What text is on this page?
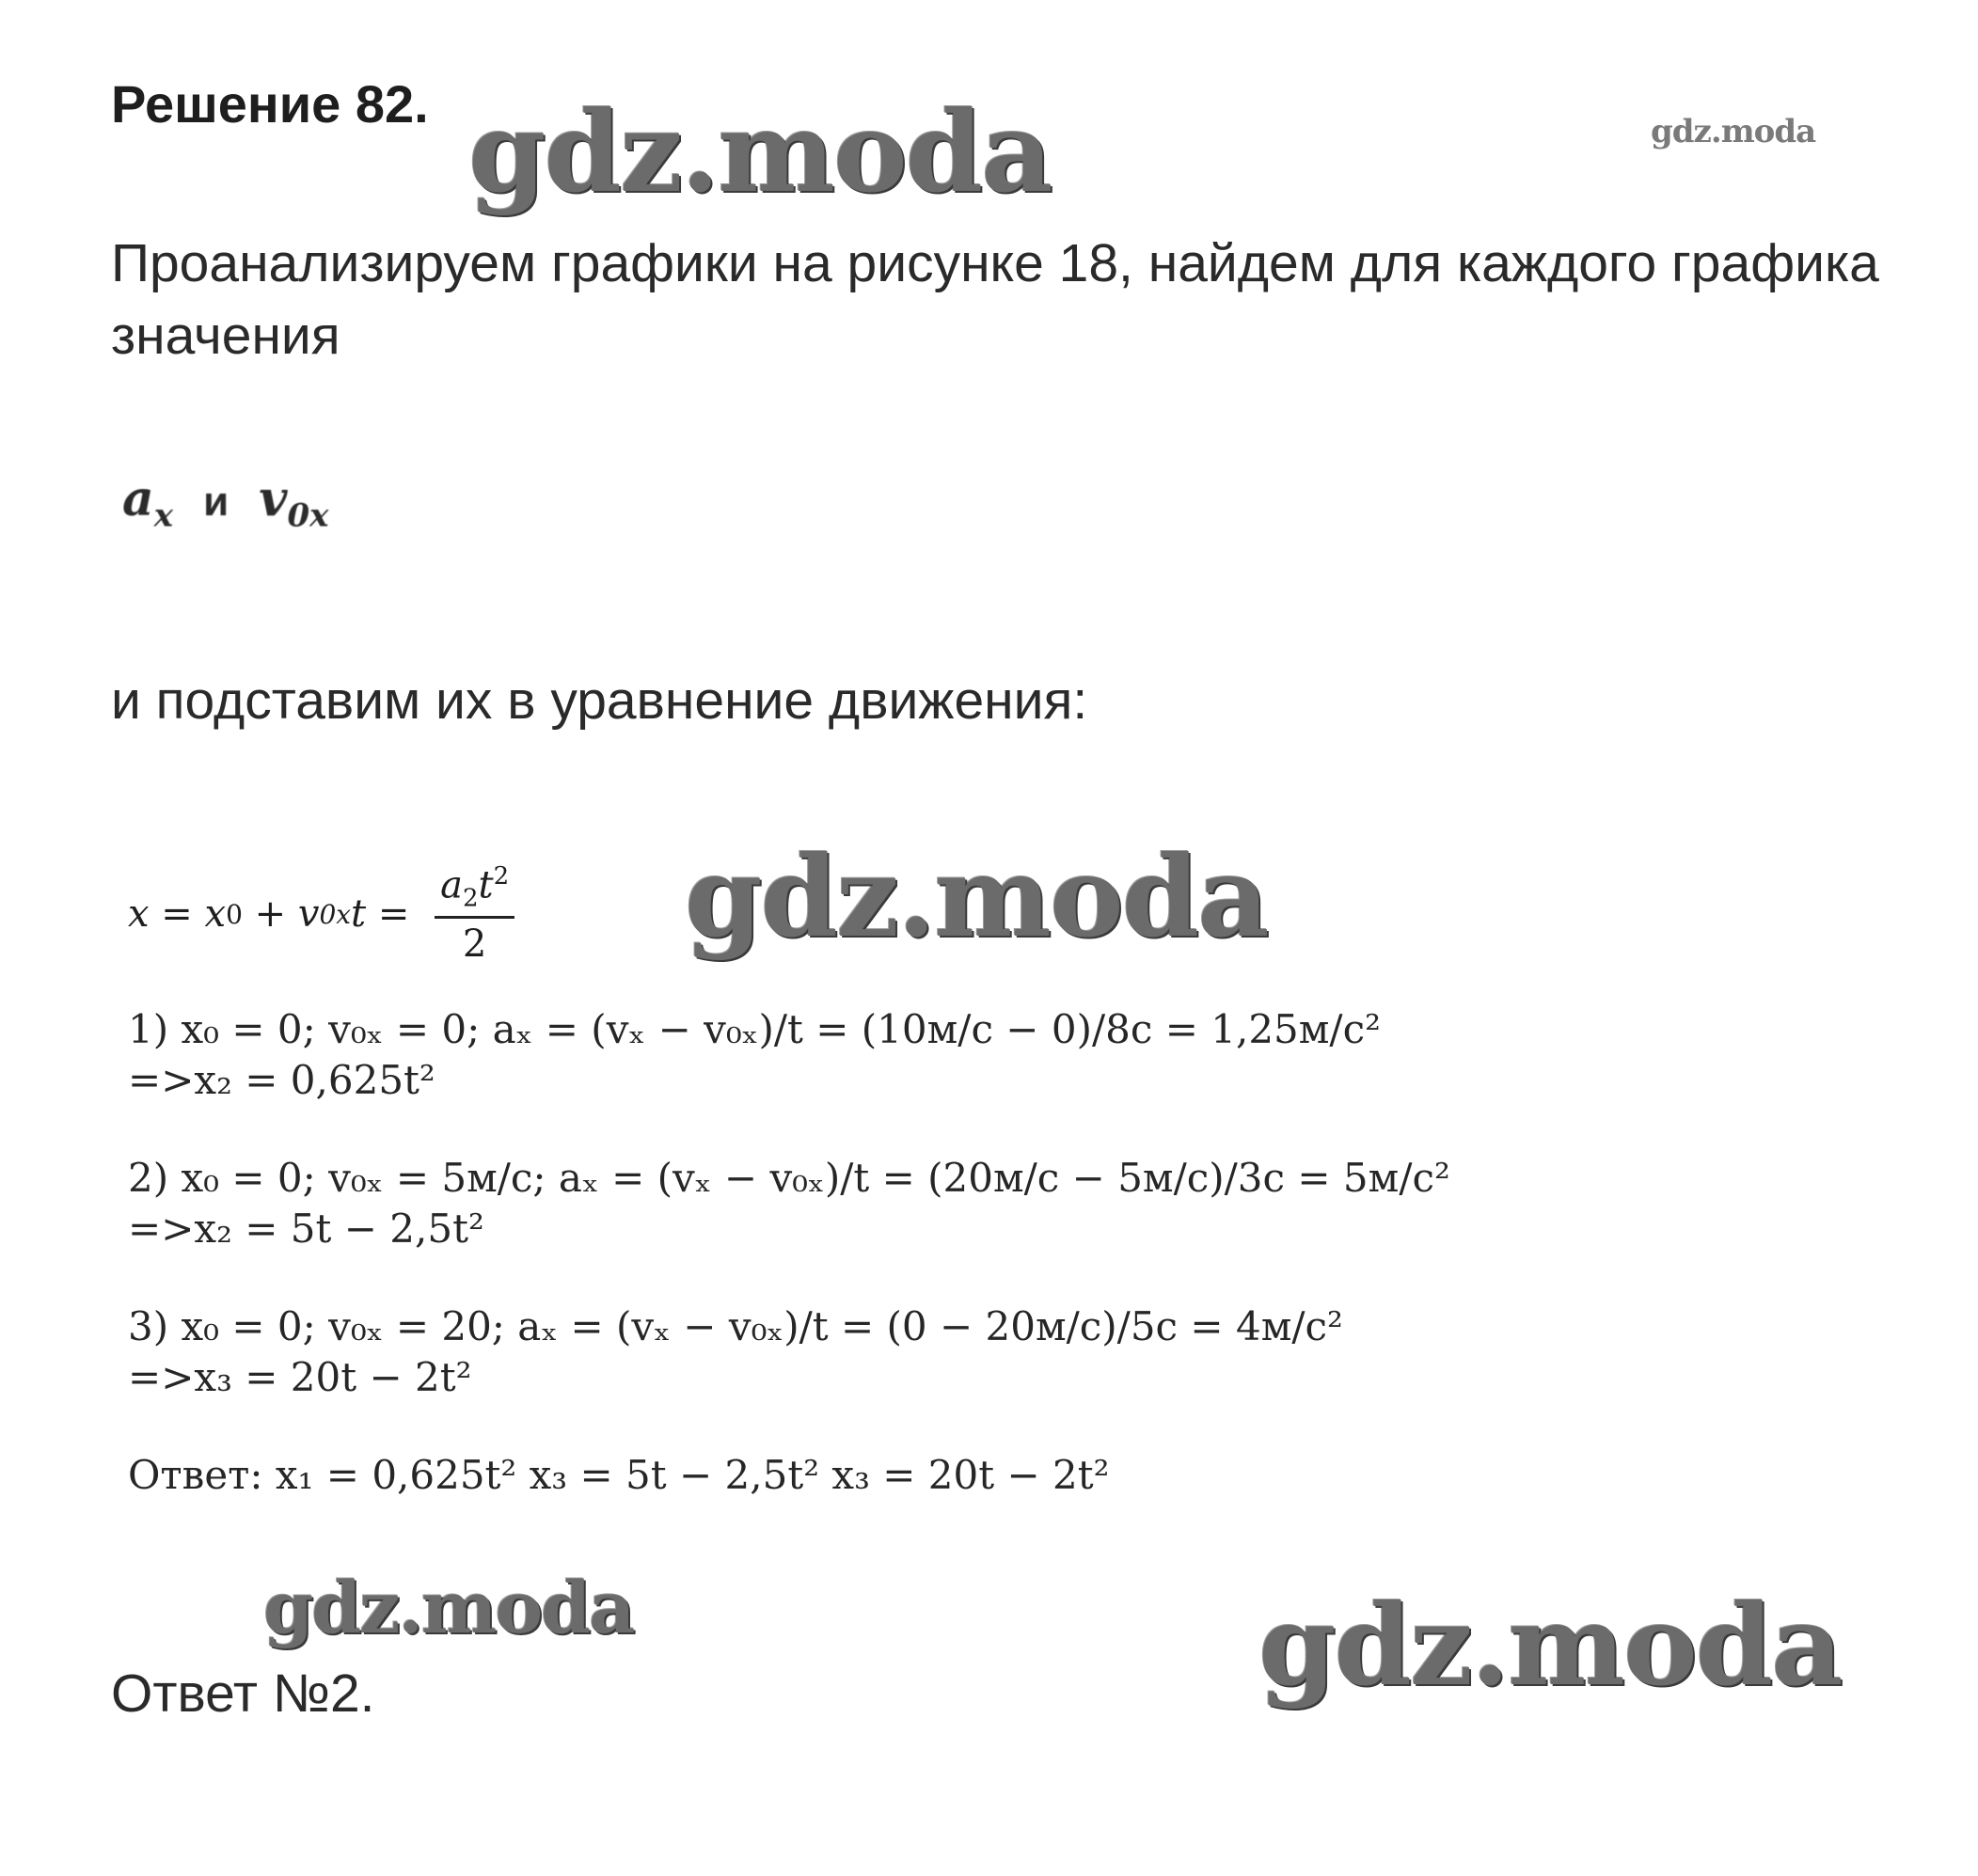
Решение 82. gdz.moda	gdz.moda
gdz.moda
gdz.moda	gdz.moda
Проанализируем графики на рисунке 18, найдем для каждого графика значения
$a_x$ и $v_{0x}$
и подставим их в уравнение движения:
x = x 0 + v 0x $t = \frac{a_2t^2}{2}$
1) x₀ = 0; v₀ₓ = 0; aₓ = (vₓ − v₀ₓ)/t = (10м/с − 0)/8с = 1,25м/с²
=>x₂ = 0,625t²
2) x₀ = 0; v₀ₓ = 5м/с; aₓ = (vₓ − v₀ₓ)/t = (20м/с − 5м/с)/3с = 5м/с²
=>x₂ = 5t − 2,5t²
3) x₀ = 0; v₀ₓ = 20; aₓ = (vₓ − v₀ₓ)/t = (0 − 20м/с)/5с = 4м/с²
=>x₃ = 20t − 2t²
Ответ: x₁ = 0,625t² x₃ = 5t − 2,5t² x₃ = 20t − 2t²
Ответ №2.
